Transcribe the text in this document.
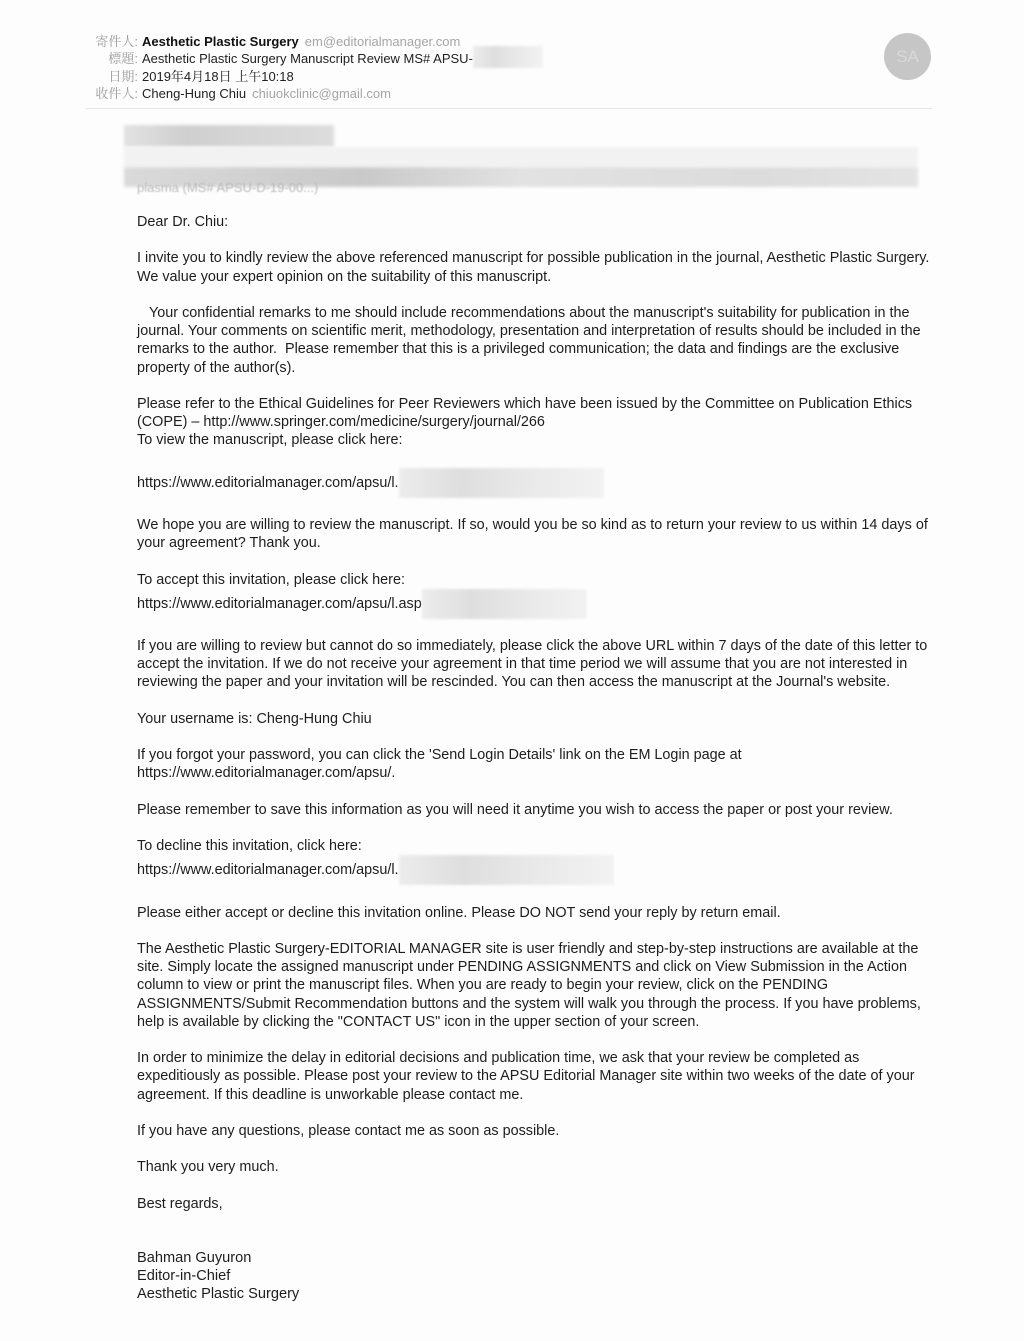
寄件人: Aesthetic Plastic Surgery em@editorialmanager.com
標題: Aesthetic Plastic Surgery Manuscript Review MS# APSU-
日期: 2019年4月18日 上午10:18
收件人: Cheng-Hung Chiu chiuokclinic@gmail.com
SA
plasma (MS# APSU-D-19-00...)

Dear Dr. Chiu:

I invite you to kindly review the above referenced manuscript for possible publication in the journal, Aesthetic Plastic Surgery. We value your expert opinion on the suitability of this manuscript.

Your confidential remarks to me should include recommendations about the manuscript's suitability for publication in the journal. Your comments on scientific merit, methodology, presentation and interpretation of results should be included in the remarks to the author.  Please remember that this is a privileged communication; the data and findings are the exclusive property of the author(s).

Please refer to the Ethical Guidelines for Peer Reviewers which have been issued by the Committee on Publication Ethics (COPE) – http://www.springer.com/medicine/surgery/journal/266
To view the manuscript, please click here:

https://www.editorialmanager.com/apsu/l.

We hope you are willing to review the manuscript. If so, would you be so kind as to return your review to us within 14 days of your agreement? Thank you.

To accept this invitation, please click here:

https://www.editorialmanager.com/apsu/l.asp

If you are willing to review but cannot do so immediately, please click the above URL within 7 days of the date of this letter to accept the invitation. If we do not receive your agreement in that time period we will assume that you are not interested in reviewing the paper and your invitation will be rescinded. You can then access the manuscript at the Journal's website.

Your username is: Cheng-Hung Chiu

If you forgot your password, you can click the 'Send Login Details' link on the EM Login page at
https://www.editorialmanager.com/apsu/.

Please remember to save this information as you will need it anytime you wish to access the paper or post your review.

To decline this invitation, click here:

https://www.editorialmanager.com/apsu/l.

Please either accept or decline this invitation online. Please DO NOT send your reply by return email.

The Aesthetic Plastic Surgery-EDITORIAL MANAGER site is user friendly and step-by-step instructions are available at the site. Simply locate the assigned manuscript under PENDING ASSIGNMENTS and click on View Submission in the Action column to view or print the manuscript files. When you are ready to begin your review, click on the PENDING ASSIGNMENTS/Submit Recommendation buttons and the system will walk you through the process. If you have problems, help is available by clicking the "CONTACT US" icon in the upper section of your screen.

In order to minimize the delay in editorial decisions and publication time, we ask that your review be completed as expeditiously as possible. Please post your review to the APSU Editorial Manager site within two weeks of the date of your agreement. If this deadline is unworkable please contact me.

If you have any questions, please contact me as soon as possible.

Thank you very much.

Best regards,

Bahman Guyuron
Editor-in-Chief
Aesthetic Plastic Surgery
